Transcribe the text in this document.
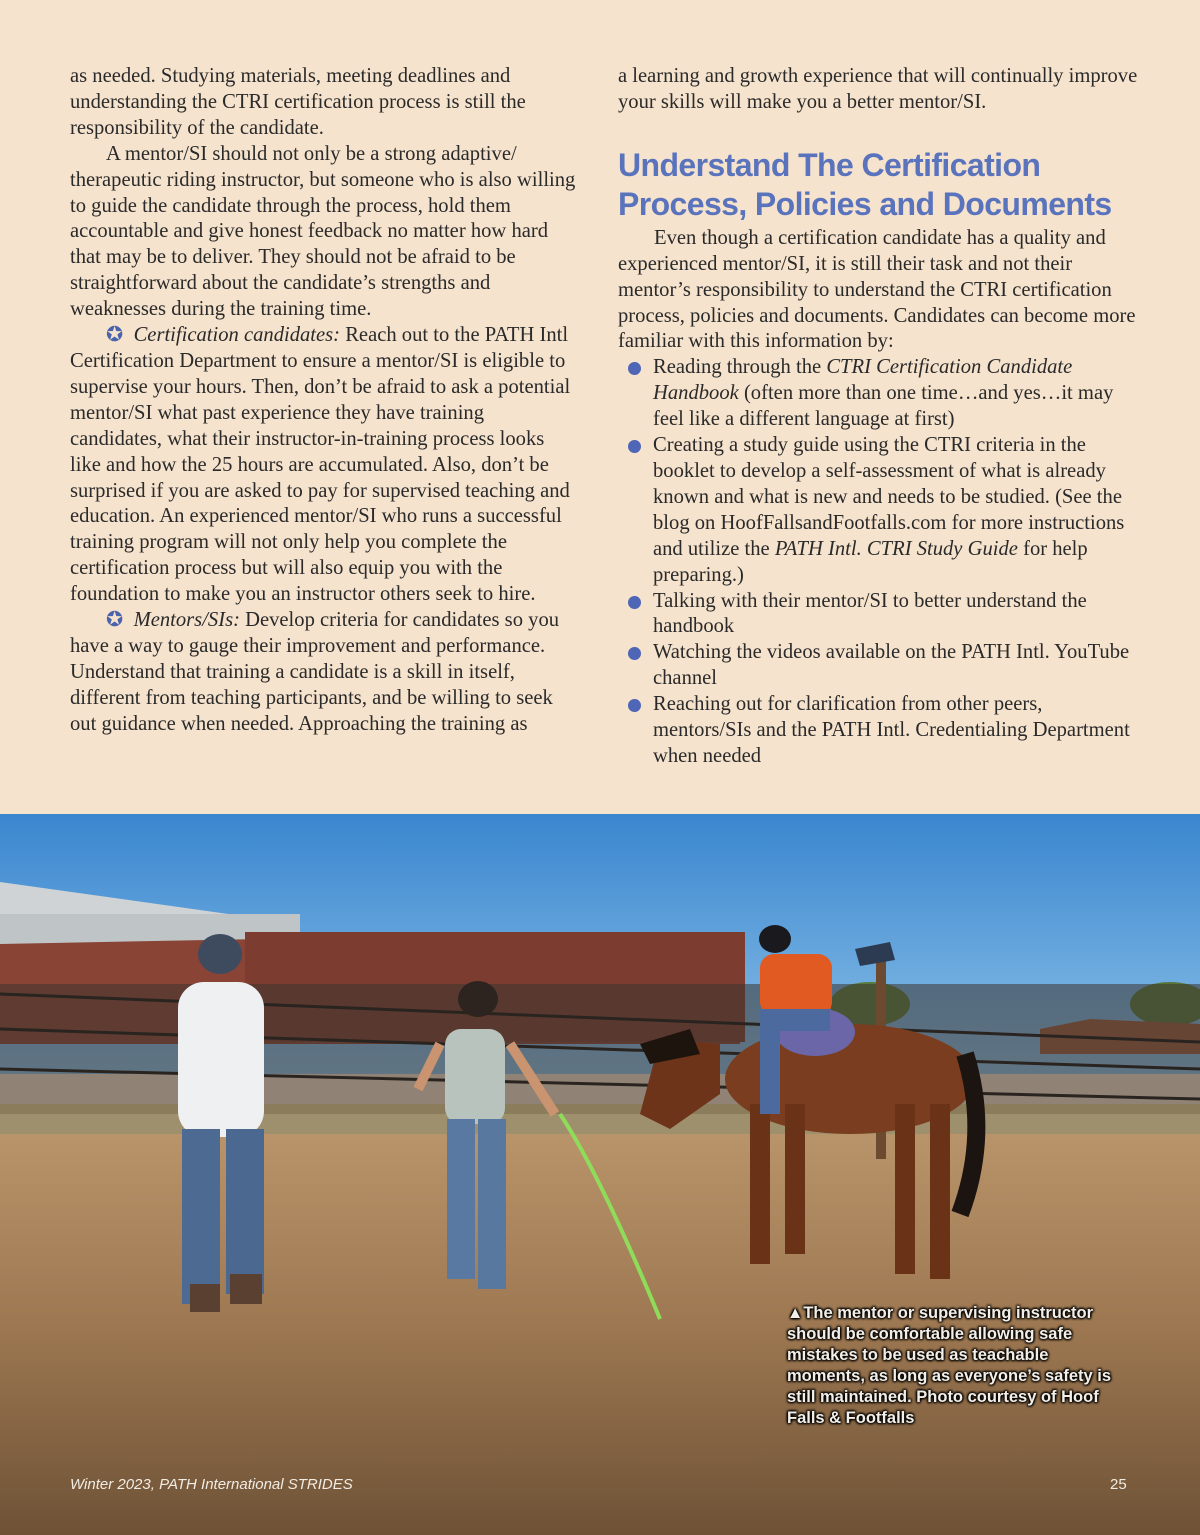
as needed. Studying materials, meeting deadlines and understanding the CTRI certification process is still the responsibility of the candidate.

A mentor/SI should not only be a strong adaptive/ therapeutic riding instructor, but someone who is also willing to guide the candidate through the process, hold them accountable and give honest feedback no matter how hard that may be to deliver. They should not be afraid to be straightforward about the candidate’s strengths and weaknesses during the training time.

✪ Certification candidates: Reach out to the PATH Intl Certification Department to ensure a mentor/SI is eligible to supervise your hours. Then, don’t be afraid to ask a potential mentor/SI what past experience they have training candidates, what their instructor-in-training process looks like and how the 25 hours are accumulated. Also, don’t be surprised if you are asked to pay for supervised teaching and education. An experienced mentor/SI who runs a successful training program will not only help you complete the certification process but will also equip you with the foundation to make you an instructor others seek to hire.

✪ Mentors/SIs: Develop criteria for candidates so you have a way to gauge their improvement and performance. Understand that training a candidate is a skill in itself, different from teaching participants, and be willing to seek out guidance when needed. Approaching the training as

a learning and growth experience that will continually improve your skills will make you a better mentor/SI.

Understand The Certification Process, Policies and Documents

Even though a certification candidate has a quality and experienced mentor/SI, it is still their task and not their mentor’s responsibility to understand the CTRI certification process, policies and documents. Candidates can become more familiar with this information by:

Reading through the CTRI Certification Candidate Handbook (often more than one time…and yes…it may feel like a different language at first)
Creating a study guide using the CTRI criteria in the booklet to develop a self-assessment of what is already known and what is new and needs to be studied. (See the blog on HoofFallsandFootfalls.com for more instructions and utilize the PATH Intl. CTRI Study Guide for help preparing.)
Talking with their mentor/SI to better understand the handbook
Watching the videos available on the PATH Intl. YouTube channel
Reaching out for clarification from other peers, mentors/SIs and the PATH Intl. Credentialing Department when needed
▲The mentor or supervising instructor should be comfortable allowing safe mistakes to be used as teachable moments, as long as everyone’s safety is still maintained. Photo courtesy of Hoof Falls & Footfalls
Winter 2023, PATH International STRIDES	25
